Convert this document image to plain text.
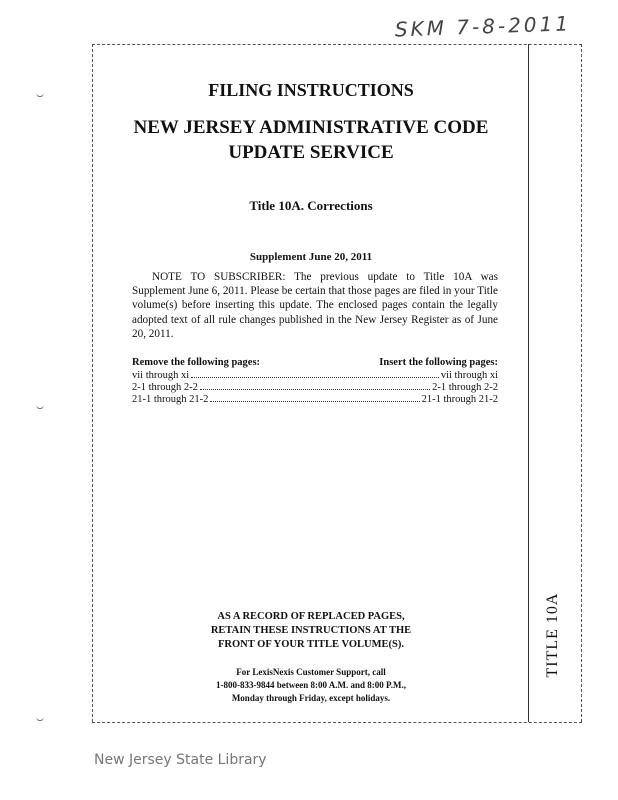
SKM 7-8-2011
FILING INSTRUCTIONS
NEW JERSEY ADMINISTRATIVE CODE
UPDATE SERVICE
Title 10A. Corrections
Supplement June 20, 2011
NOTE TO SUBSCRIBER: The previous update to Title 10A was Supplement June 6, 2011. Please be certain that those pages are filed in your Title volume(s) before inserting this update. The enclosed pages contain the legally adopted text of all rule changes published in the New Jersey Register as of June 20, 2011.
Remove the following pages:	Insert the following pages:
vii through xi	vii through xi
2-1 through 2-2	2-1 through 2-2
21-1 through 21-2	21-1 through 21-2
AS A RECORD OF REPLACED PAGES,
RETAIN THESE INSTRUCTIONS AT THE
FRONT OF YOUR TITLE VOLUME(S).
For LexisNexis Customer Support, call
1-800-833-9844 between 8:00 A.M. and 8:00 P.M.,
Monday through Friday, except holidays.
TITLE 10A
New Jersey State Library
